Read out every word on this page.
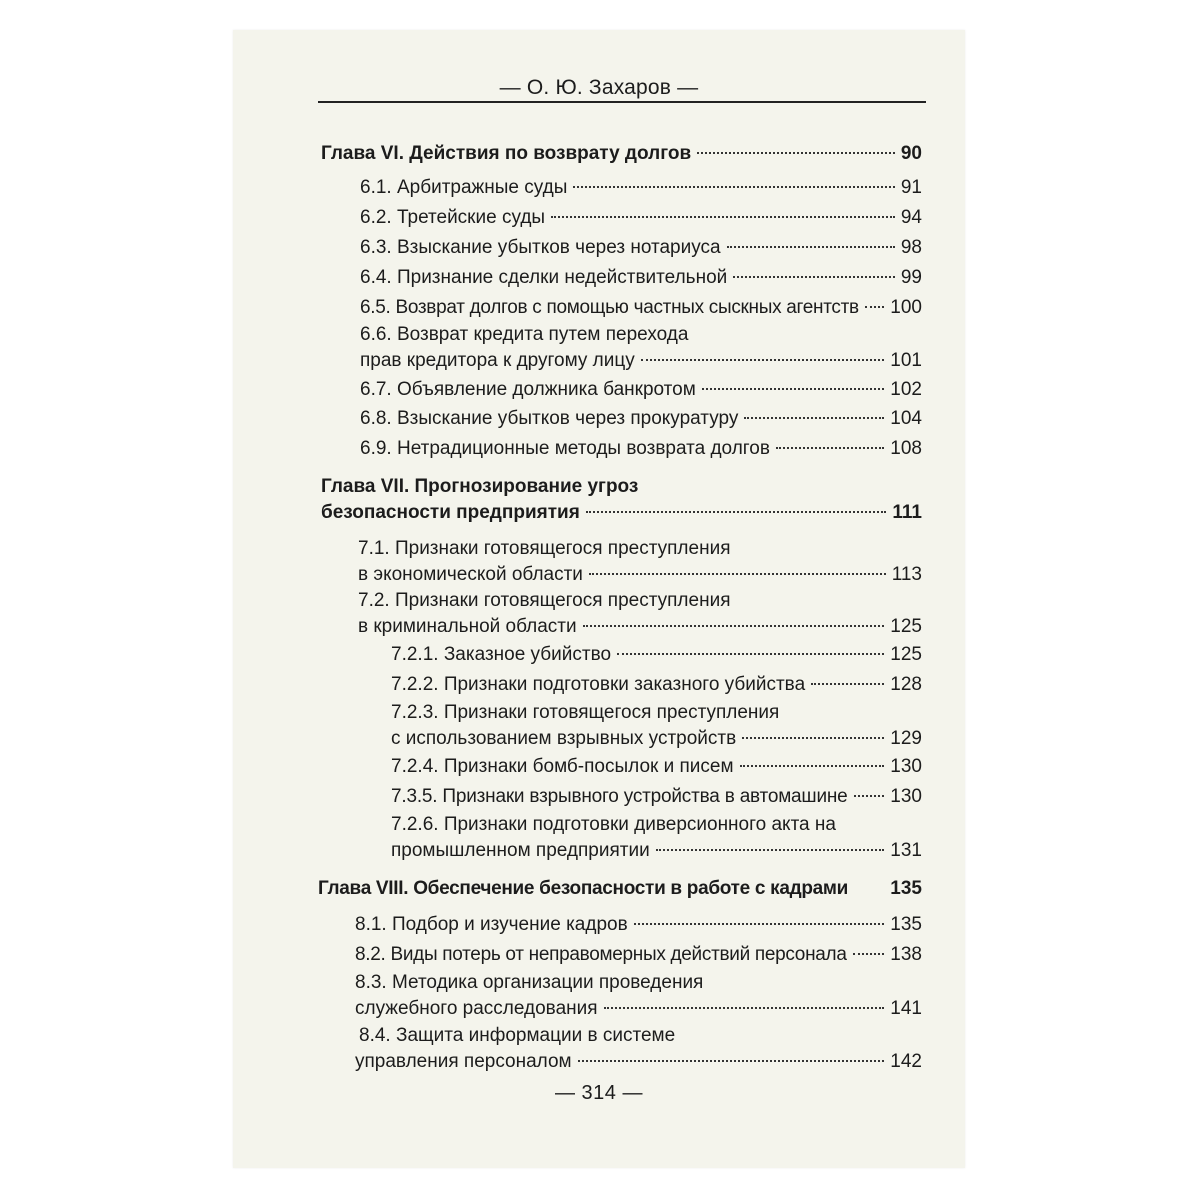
— О. Ю. Захаров —
Глава VI. Действия по возврату долгов	90
6.1. Арбитражные суды	91
6.2. Третейские суды	94
6.3. Взыскание убытков через нотариуса	98
6.4. Признание сделки недействительной	99
6.5. Возврат долгов с помощью частных сыскных агентств 100
6.6. Возврат кредита путем перехода
прав кредитора к другому лицу	101
6.7. Объявление должника банкротом	102
6.8. Взыскание убытков через прокуратуру	104
6.9. Нетрадиционные методы возврата долгов	108
Глава VII. Прогнозирование угроз
безопасности предприятия	111
7.1. Признаки готовящегося преступления
в экономической области	113
7.2. Признаки готовящегося преступления
в криминальной области	125
7.2.1. Заказное убийство	125
7.2.2. Признаки подготовки заказного убийства	128
7.2.3. Признаки готовящегося преступления
с использованием взрывных устройств	129
7.2.4. Признаки бомб-посылок и писем	130
7.3.5. Признаки взрывного устройства в автомашине 130
7.2.6. Признаки подготовки диверсионного акта на
промышленном предприятии	131
Глава VIII. Обеспечение безопасности в работе с кадрами 135
8.1. Подбор и изучение кадров	135
8.2. Виды потерь от неправомерных действий персонала 138
8.3. Методика организации проведения
служебного расследования	141
8.4. Защита информации в системе
управления персоналом	142
— 314 —
